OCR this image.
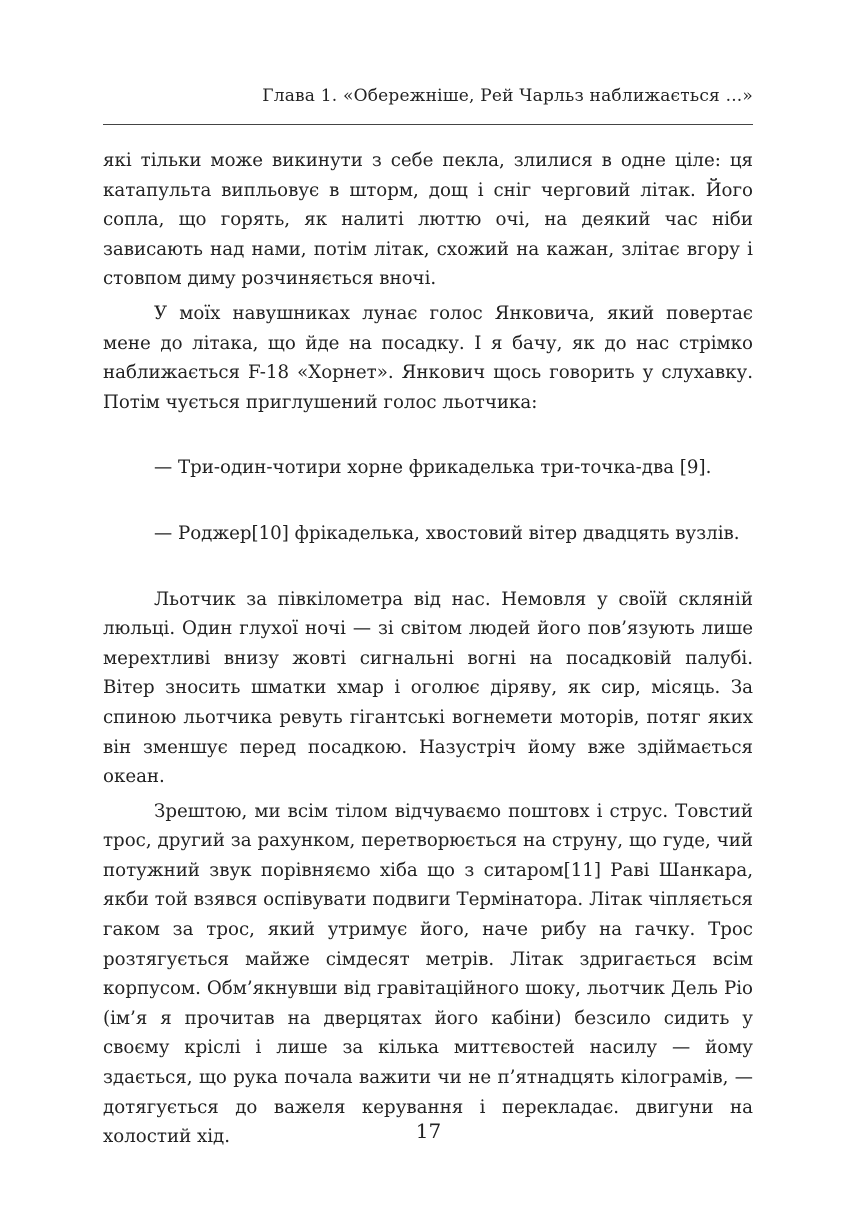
Глава 1. «Обережніше, Рей Чарльз наближається ...»

які тільки може викинути з себе пекла, злилися в одне ціле: ця катапульта випльовує в шторм, дощ і сніг черговий літак. Його сопла, що горять, як налиті люттю очі, на деякий час ніби зависають над нами, потім літак, схожий на кажан, злітає вгору і стовпом диму розчиняється вночі.

У моїх навушниках лунає голос Янковича, який повертає мене до літака, що йде на посадку. І я бачу, як до нас стрімко наближається F-18 «Хорнет». Янкович щось говорить у слухавку. Потім чується приглушений голос льотчика:

— Три-один-чотири хорне фрикаделька три-точка-два [9].

— Роджер[10] фрікаделька, хвостовий вітер двадцять вузлів.

Льотчик за півкілометра від нас. Немовля у своїй скляній люльці. Один глухої ночі — зі світом людей його пов’язують лише мерехтливі внизу жовті сигнальні вогні на посадковій палубі. Вітер зносить шматки хмар і оголює діряву, як сир, місяць. За спиною льотчика ревуть гігантські вогнемети моторів, потяг яких він зменшує перед посадкою. Назустріч йому вже здіймається океан.

Зрештою, ми всім тілом відчуваємо поштовх і струс. Товстий трос, другий за рахунком, перетворюється на струну, що гуде, чий потужний звук порівняємо хіба що з ситаром[11] Раві Шанкара, якби той взявся оспівувати подвиги Термінатора. Літак чіпляється гаком за трос, який утримує його, наче рибу на гачку. Трос розтягується майже сімдесят метрів. Літак здригається всім корпусом. Обм’якнувши від гравітаційного шоку, льотчик Дель Ріо (ім’я я прочитав на дверцятах його кабіни) безсило сидить у своєму кріслі і лише за кілька миттєвостей насилу — йому здається, що рука почала важити чи не п’ятнадцять кілограмів, — дотягується до важеля керування і перекладає. двигуни на холостий хід.	17
